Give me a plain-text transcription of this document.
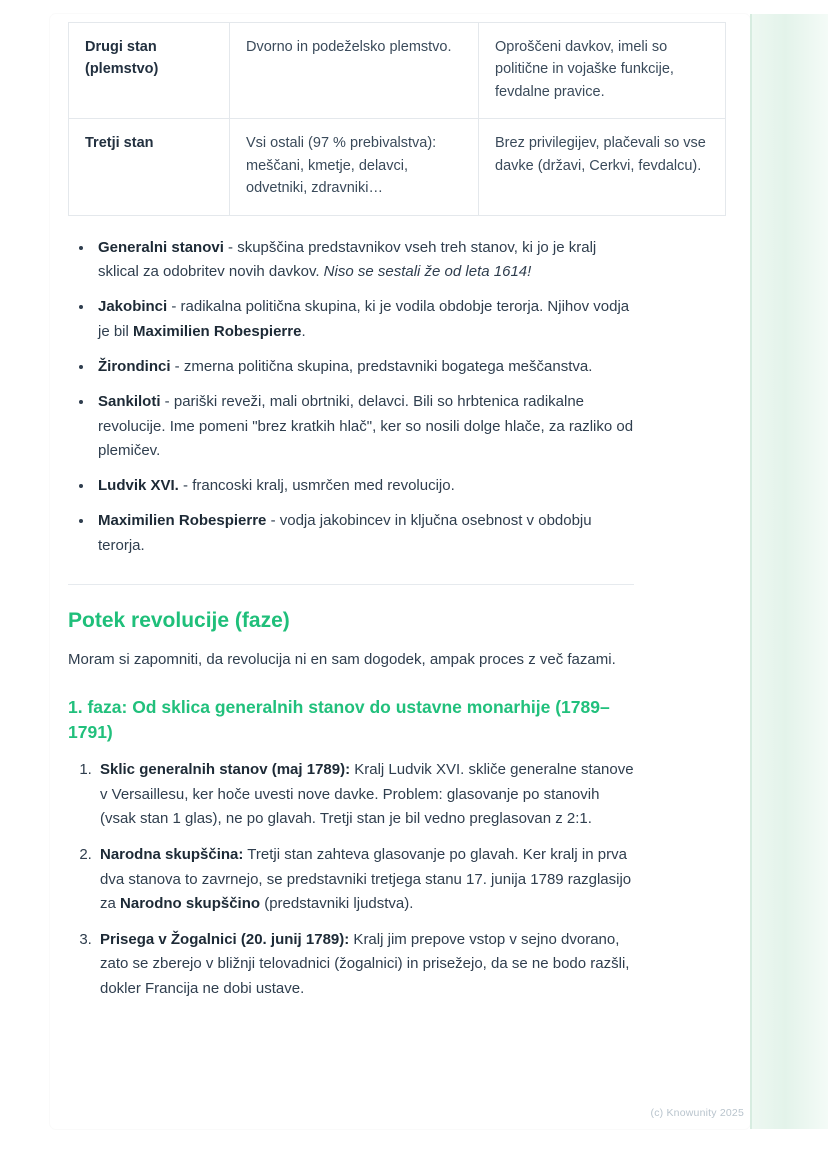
Drugi stan (plemstvo)	Dvorno in podeželsko plemstvo.	Oproščeni davkov, imeli so politične in vojaške funkcije, fevdalne pravice.
Tretji stan	Vsi ostali (97 % prebivalstva): meščani, kmetje, delavci, odvetniki, zdravniki…	Brez privilegijev, plačevali so vse davke (državi, Cerkvi, fevdalcu).
• Generalni stanovi - skupščina predstavnikov vseh treh stanov, ki jo je kralj sklical za odobritev novih davkov. Niso se sestali že od leta 1614!
• Jakobinci - radikalna politična skupina, ki je vodila obdobje terorja. Njihov vodja je bil Maximilien Robespierre.
• Žirondinci - zmerna politična skupina, predstavniki bogatega meščanstva.
• Sankiloti - pariški reveži, mali obrtniki, delavci. Bili so hrbtenica radikalne revolucije. Ime pomeni "brez kratkih hlač", ker so nosili dolge hlače, za razliko od plemičev.
• Ludvik XVI. - francoski kralj, usmrčen med revolucijo.
• Maximilien Robespierre - vodja jakobincev in ključna osebnost v obdobju terorja.
Potek revolucije (faze)

Moram si zapomniti, da revolucija ni en sam dogodek, ampak proces z več fazami.

1. faza: Od sklica generalnih stanov do ustavne monarhije (1789–1791)
1. Sklic generalnih stanov (maj 1789): Kralj Ludvik XVI. skliče generalne stanove v Versaillesu, ker hoče uvesti nove davke. Problem: glasovanje po stanovih (vsak stan 1 glas), ne po glavah. Tretji stan je bil vedno preglasovan z 2:1.
2. Narodna skupščina: Tretji stan zahteva glasovanje po glavah. Ker kralj in prva dva stanova to zavrnejo, se predstavniki tretjega stanu 17. junija 1789 razglasijo za Narodno skupščino (predstavniki ljudstva).
3. Prisega v Žogalnici (20. junij 1789): Kralj jim prepove vstop v sejno dvorano, zato se zberejo v bližnji telovadnici (žogalnici) in prisežejo, da se ne bodo razšli, dokler Francija ne dobi ustave.
(c) Knowunity 2025
